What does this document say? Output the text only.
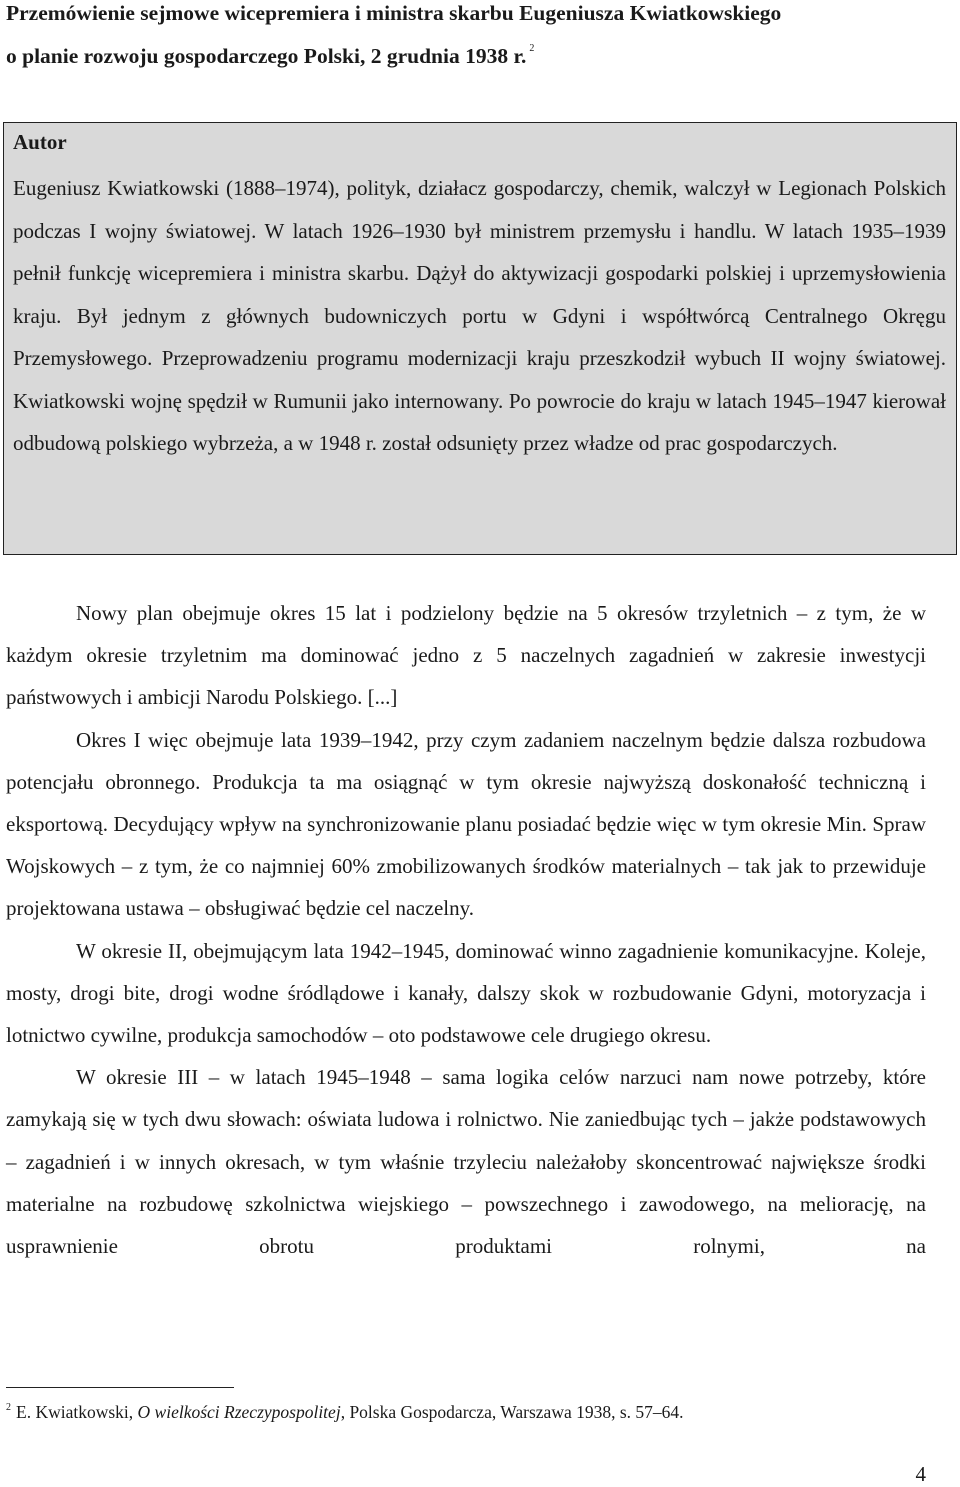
Przemówienie sejmowe wicepremiera i ministra skarbu Eugeniusza Kwiatkowskiego
o planie rozwoju gospodarczego Polski, 2 grudnia 1938 r. $^2$

Autor

Eugeniusz Kwiatkowski (1888–1974), polityk, działacz gospodarczy, chemik, walczył w Legionach Polskich podczas I wojny światowej. W latach 1926–1930 był ministrem przemysłu i handlu. W latach 1935–1939 pełnił funkcję wicepremiera i ministra skarbu. Dążył do aktywizacji gospodarki polskiej i uprzemysłowienia kraju. Był jednym z głównych budowniczych portu w Gdyni i współtwórcą Centralnego Okręgu Przemysłowego. Przeprowadzeniu programu modernizacji kraju przeszkodził wybuch II wojny światowej. Kwiatkowski wojnę spędził w Rumunii jako internowany. Po powrocie do kraju w latach 1945–1947 kierował odbudową polskiego wybrzeża, a w 1948 r. został odsunięty przez władze od prac gospodarczych.

Nowy plan obejmuje okres 15 lat i podzielony będzie na 5 okresów trzyletnich – z tym, że w każdym okresie trzyletnim ma dominować jedno z 5 naczelnych zagadnień w zakresie inwestycji państwowych i ambicji Narodu Polskiego. [...]

Okres I więc obejmuje lata 1939–1942, przy czym zadaniem naczelnym będzie dalsza rozbudowa potencjału obronnego. Produkcja ta ma osiągnąć w tym okresie najwyższą doskonałość techniczną i eksportową. Decydujący wpływ na synchronizowanie planu posiadać będzie więc w tym okresie Min. Spraw Wojskowych – z tym, że co najmniej 60% zmobilizowanych środków materialnych – tak jak to przewiduje projektowana ustawa – obsługiwać będzie cel naczelny.

W okresie II, obejmującym lata 1942–1945, dominować winno zagadnienie komunikacyjne. Koleje, mosty, drogi bite, drogi wodne śródlądowe i kanały, dalszy skok w rozbudowanie Gdyni, motoryzacja i lotnictwo cywilne, produkcja samochodów – oto podstawowe cele drugiego okresu.

W okresie III – w latach 1945–1948 – sama logika celów narzuci nam nowe potrzeby, które zamykają się w tych dwu słowach: oświata ludowa i rolnictwo. Nie zaniedbując tych – jakże podstawowych – zagadnień i w innych okresach, w tym właśnie trzyleciu należałoby skoncentrować największe środki materialne na rozbudowę szkolnictwa wiejskiego – powszechnego i zawodowego, na meliorację, na usprawnienie obrotu produktami rolnymi, na

$^2$ E. Kwiatkowski, O wielkości Rzeczypospolitej, Polska Gospodarcza, Warszawa 1938, s. 57–64.

4
